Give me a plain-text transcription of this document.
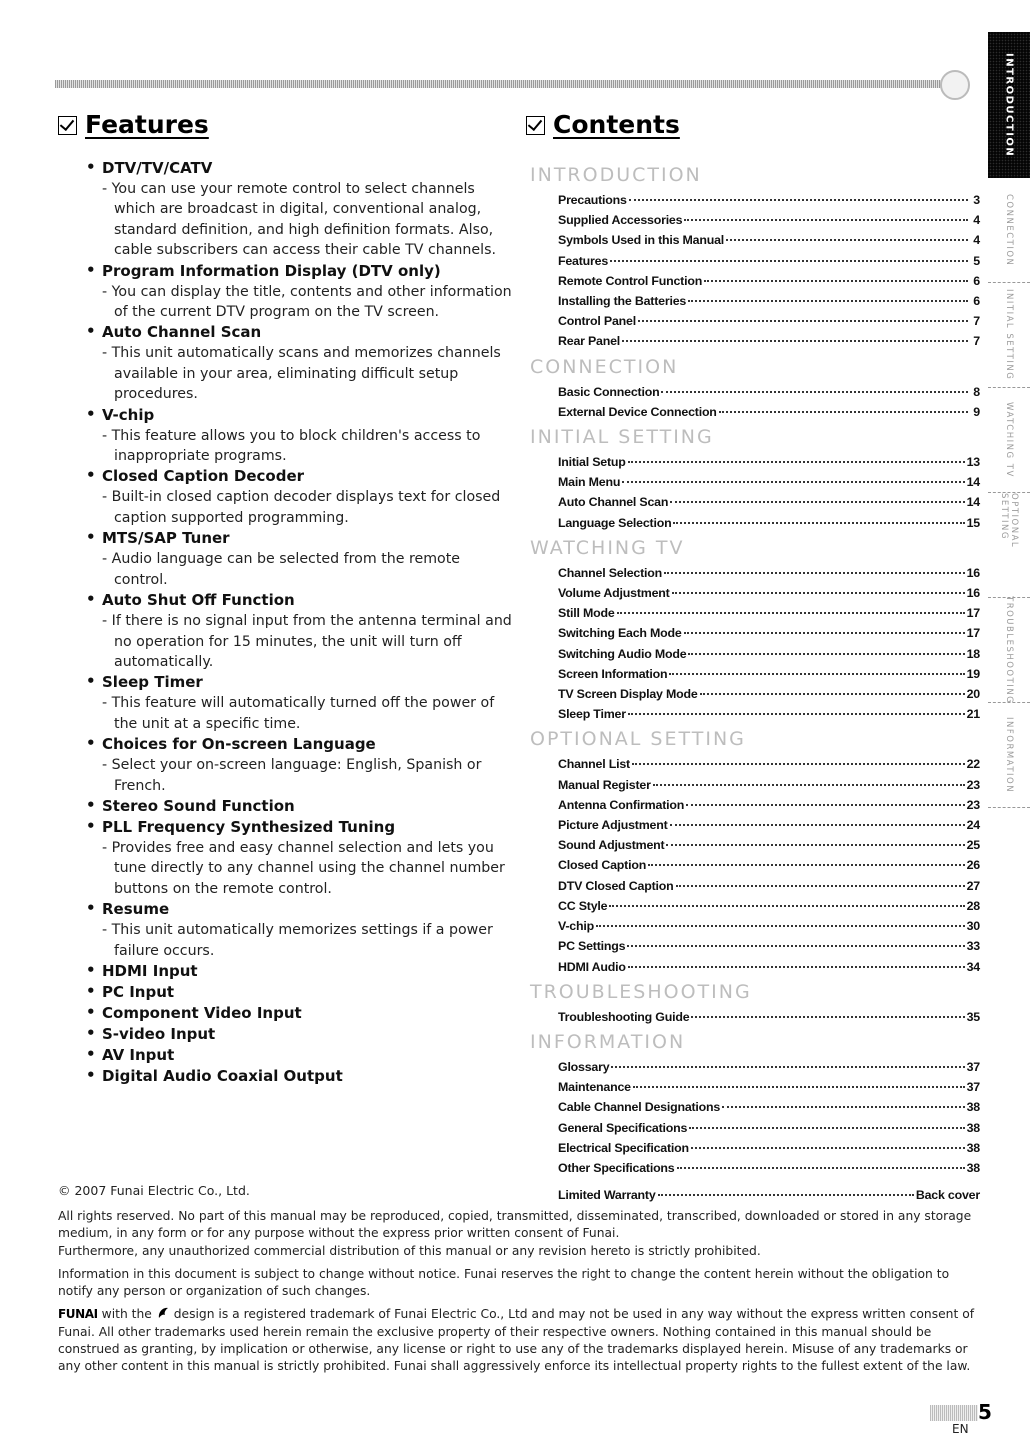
INTRODUCTION
CONNECTION
INITIAL SETTING
WATCHING TV
OPTIONAL SETTING
TROUBLESHOOTING
INFORMATION
Features	Contents
• DTV/TV/CATV
- You can use your remote control to select channels which are broadcast in digital, conventional analog, standard definition, and high definition formats. Also, cable subscribers can access their cable TV channels.
• Program Information Display (DTV only)
- You can display the title, contents and other information of the current DTV program on the TV screen.
• Auto Channel Scan
- This unit automatically scans and memorizes channels available in your area, eliminating difficult setup procedures.
• V-chip
- This feature allows you to block children's access to inappropriate programs.
• Closed Caption Decoder
- Built-in closed caption decoder displays text for closed caption supported programming.
• MTS/SAP Tuner
- Audio language can be selected from the remote control.
• Auto Shut Off Function
- If there is no signal input from the antenna terminal and no operation for 15 minutes, the unit will turn off automatically.
• Sleep Timer
- This feature will automatically turned off the power of the unit at a specific time.
• Choices for On-screen Language
- Select your on-screen language: English, Spanish or French.
• Stereo Sound Function
• PLL Frequency Synthesized Tuning
- Provides free and easy channel selection and lets you tune directly to any channel using the channel number buttons on the remote control.
• Resume
- This unit automatically memorizes settings if a power failure occurs.
• HDMI Input
• PC Input
• Component Video Input
• S-video Input
• AV Input
• Digital Audio Coaxial Output
INTRODUCTION
Precautions	3
Supplied Accessories	4
Symbols Used in this Manual	4
Features	5
Remote Control Function	6
Installing the Batteries	6
Control Panel	7
Rear Panel	7
CONNECTION
Basic Connection	8
External Device Connection	9
INITIAL SETTING
Initial Setup	13
Main Menu	14
Auto Channel Scan	14
Language Selection	15
WATCHING TV
Channel Selection	16
Volume Adjustment	16
Still Mode	17
Switching Each Mode	17
Switching Audio Mode	18
Screen Information	19
TV Screen Display Mode	20
Sleep Timer	21
OPTIONAL SETTING
Channel List	22
Manual Register	23
Antenna Confirmation	23
Picture Adjustment	24
Sound Adjustment	25
Closed Caption	26
DTV Closed Caption	27
CC Style	28
V-chip	30
PC Settings	33
HDMI Audio	34
TROUBLESHOOTING
Troubleshooting Guide	35
INFORMATION
Glossary	37
Maintenance	37
Cable Channel Designations	38
General Specifications	38
Electrical Specification	38
Other Specifications	38
Limited Warranty	Back cover
© 2007 Funai Electric Co., Ltd.

All rights reserved. No part of this manual may be reproduced, copied, transmitted, disseminated, transcribed, downloaded or stored in any storage medium, in any form or for any purpose without the express prior written consent of Funai.
Furthermore, any unauthorized commercial distribution of this manual or any revision hereto is strictly prohibited.

Information in this document is subject to change without notice. Funai reserves the right to change the content herein without the obligation to notify any person or organization of such changes.

FUNAI with the design is a registered trademark of Funai Electric Co., Ltd and may not be used in any way without the express written consent of Funai. All other trademarks used herein remain the exclusive property of their respective owners. Nothing contained in this manual should be construed as granting, by implication or otherwise, any license or right to use any of the trademarks displayed herein. Misuse of any trademarks or any other content in this manual is strictly prohibited. Funai shall aggressively enforce its intellectual property rights to the fullest extent of the law.

5
EN
